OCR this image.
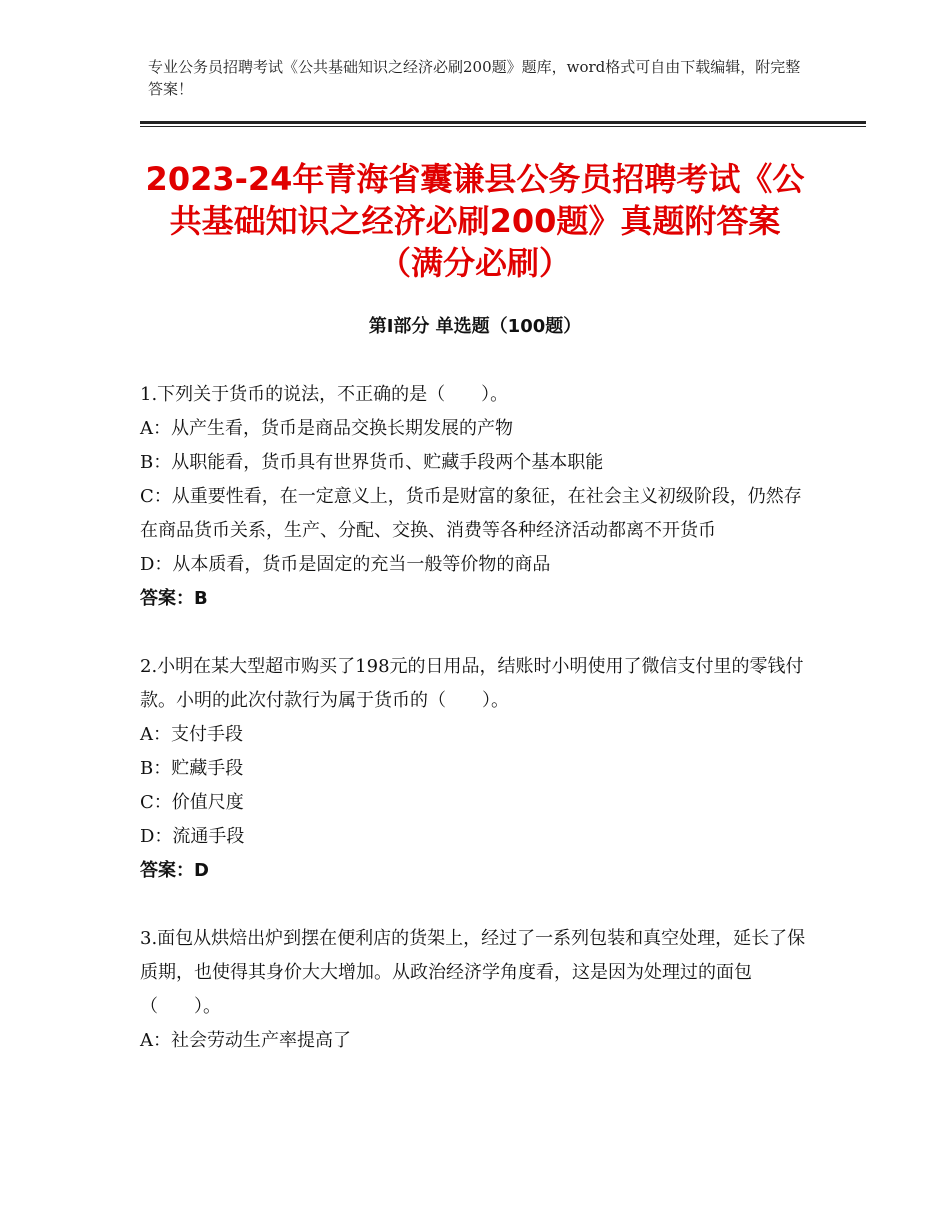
专业公务员招聘考试《公共基础知识之经济必刷200题》题库，word格式可自由下载编辑，附完整答案！
2023-24年青海省囊谦县公务员招聘考试《公共基础知识之经济必刷200题》真题附答案（满分必刷）
第Ⅰ部分 单选题（100题）

1.下列关于货币的说法，不正确的是（　　）。

A：从产生看，货币是商品交换长期发展的产物

B：从职能看，货币具有世界货币、贮藏手段两个基本职能

C：从重要性看，在一定意义上，货币是财富的象征，在社会主义初级阶段，仍然存在商品货币关系，生产、分配、交换、消费等各种经济活动都离不开货币

D：从本质看，货币是固定的充当一般等价物的商品

答案：B

2.小明在某大型超市购买了198元的日用品，结账时小明使用了微信支付里的零钱付款。小明的此次付款行为属于货币的（　　）。

A：支付手段

B：贮藏手段

C：价值尺度

D：流通手段

答案：D

3.面包从烘焙出炉到摆在便利店的货架上，经过了一系列包装和真空处理，延长了保质期，也使得其身价大大增加。从政治经济学角度看，这是因为处理过的面包（　　）。

A：社会劳动生产率提高了
